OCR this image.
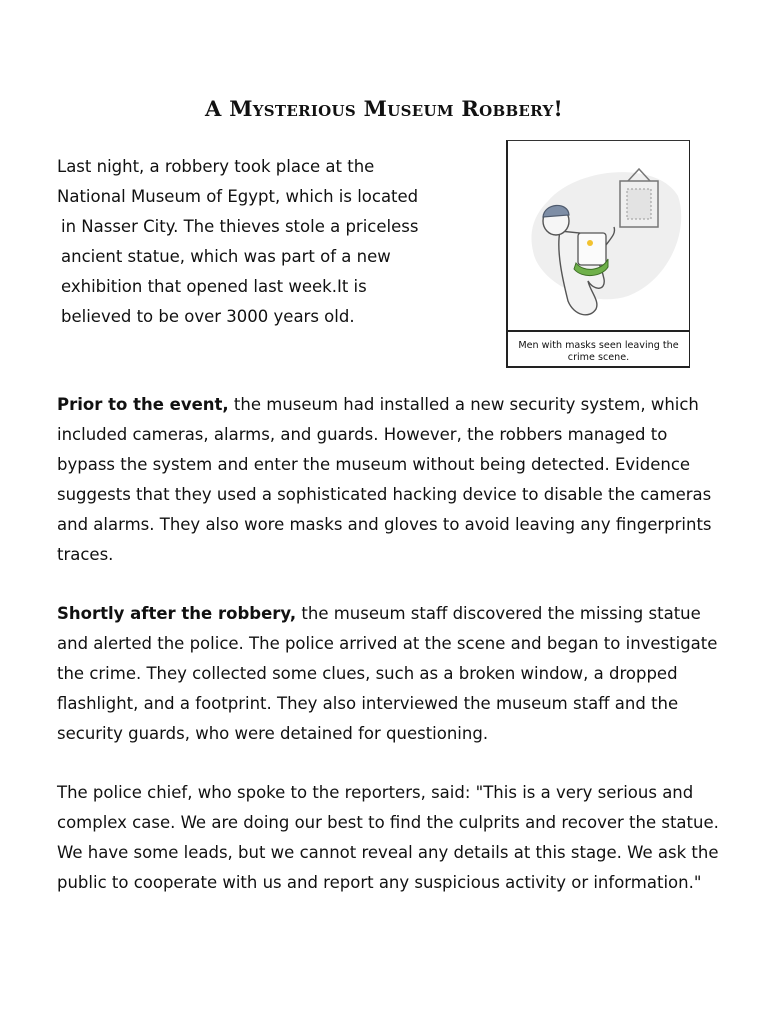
A Mysterious Museum Robbery!

Last night, a robbery took place at the
National Museum of Egypt, which is located
in Nasser City. The thieves stole a priceless
ancient statue, which was part of a new
exhibition that opened last week.It is
believed to be over 3000 years old.

Men with masks seen leaving the crime scene.

Prior to the event, the museum had installed a new security system, which included cameras, alarms, and guards. However, the robbers managed to bypass the system and enter the museum without being detected. Evidence suggests that they used a sophisticated hacking device to disable the cameras and alarms. They also wore masks and gloves to avoid leaving any fingerprints traces.

Shortly after the robbery, the museum staff discovered the missing statue and alerted the police. The police arrived at the scene and began to investigate the crime. They collected some clues, such as a broken window, a dropped flashlight, and a footprint. They also interviewed the museum staff and the security guards, who were detained for questioning.

The police chief, who spoke to the reporters, said: "This is a very serious and complex case. We are doing our best to find the culprits and recover the statue. We have some leads, but we cannot reveal any details at this stage. We ask the public to cooperate with us and report any suspicious activity or information."
